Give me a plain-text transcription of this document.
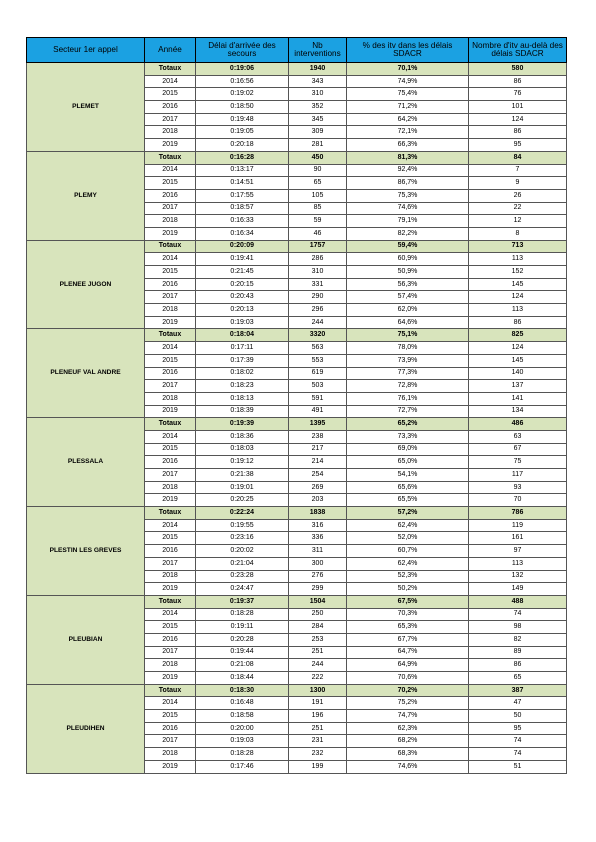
Secteur 1er appel	Année	Délai d'arrivée des secours	Nb interventions	% des itv dans les délais SDACR	Nombre d'itv au-delà des délais SDACR
PLEMET	Totaux	0:19:06	1940	70,1%	580
	2014	0:16:56	343	74,9%	86
	2015	0:19:02	310	75,4%	76
	2016	0:18:50	352	71,2%	101
	2017	0:19:48	345	64,2%	124
	2018	0:19:05	309	72,1%	86
	2019	0:20:18	281	66,3%	95
PLEMY	Totaux	0:16:28	450	81,3%	84
	2014	0:13:17	90	92,4%	7
	2015	0:14:51	65	86,7%	9
	2016	0:17:55	105	75,3%	26
	2017	0:18:57	85	74,6%	22
	2018	0:16:33	59	79,1%	12
	2019	0:16:34	46	82,2%	8
PLENEE JUGON	Totaux	0:20:09	1757	59,4%	713
	2014	0:19:41	286	60,9%	113
	2015	0:21:45	310	50,9%	152
	2016	0:20:15	331	56,3%	145
	2017	0:20:43	290	57,4%	124
	2018	0:20:13	296	62,0%	113
	2019	0:19:03	244	64,6%	86
PLENEUF VAL ANDRE	Totaux	0:18:04	3320	75,1%	825
	2014	0:17:11	563	78,0%	124
	2015	0:17:39	553	73,9%	145
	2016	0:18:02	619	77,3%	140
	2017	0:18:23	503	72,8%	137
	2018	0:18:13	591	76,1%	141
	2019	0:18:39	491	72,7%	134
PLESSALA	Totaux	0:19:39	1395	65,2%	486
	2014	0:18:36	238	73,3%	63
	2015	0:18:03	217	69,0%	67
	2016	0:19:12	214	65,0%	75
	2017	0:21:38	254	54,1%	117
	2018	0:19:01	269	65,6%	93
	2019	0:20:25	203	65,5%	70
PLESTIN LES GREVES	Totaux	0:22:24	1838	57,2%	786
	2014	0:19:55	316	62,4%	119
	2015	0:23:16	336	52,0%	161
	2016	0:20:02	311	60,7%	97
	2017	0:21:04	300	62,4%	113
	2018	0:23:28	276	52,3%	132
	2019	0:24:47	299	50,2%	149
PLEUBIAN	Totaux	0:19:37	1504	67,5%	488
	2014	0:18:28	250	70,3%	74
	2015	0:19:11	284	65,3%	98
	2016	0:20:28	253	67,7%	82
	2017	0:19:44	251	64,7%	89
	2018	0:21:08	244	64,9%	86
	2019	0:18:44	222	70,6%	65
PLEUDIHEN	Totaux	0:18:30	1300	70,2%	387
	2014	0:16:48	191	75,2%	47
	2015	0:18:58	196	74,7%	50
	2016	0:20:00	251	62,3%	95
	2017	0:19:03	231	68,2%	74
	2018	0:18:28	232	68,3%	74
	2019	0:17:46	199	74,6%	51
